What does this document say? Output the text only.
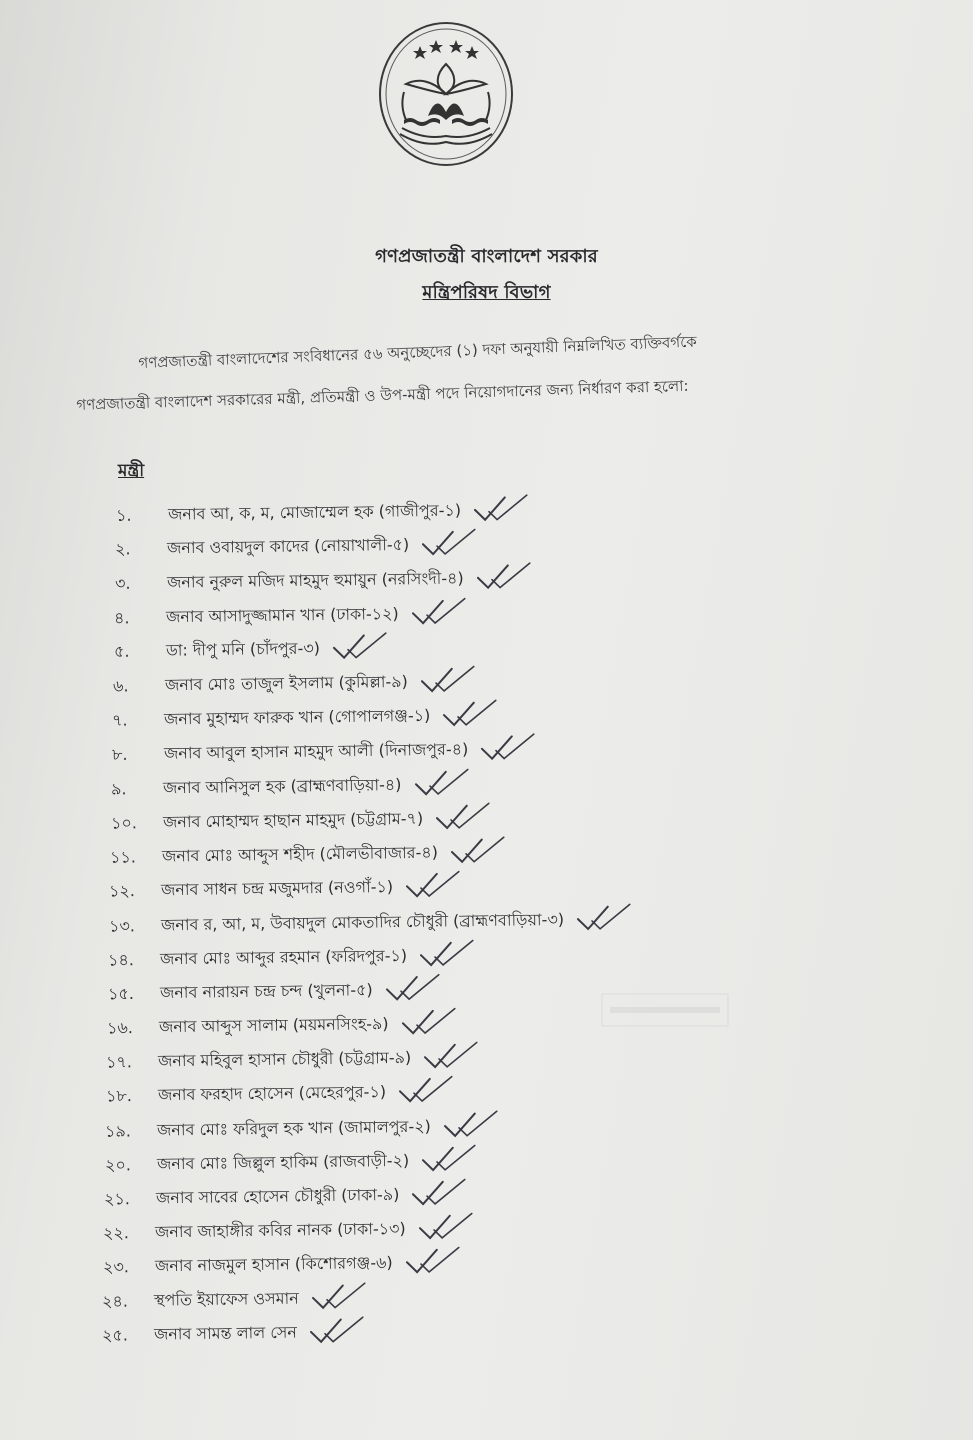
গণপ্রজাতন্ত্রী বাংলাদেশ সরকার
মন্ত্রিপরিষদ বিভাগ
গণপ্রজাতন্ত্রী বাংলাদেশের সংবিধানের ৫৬ অনুচ্ছেদের (১) দফা অনুযায়ী নিম্নলিখিত ব্যক্তিবর্গকে
গণপ্রজাতন্ত্রী বাংলাদেশ সরকারের মন্ত্রী, প্রতিমন্ত্রী ও উপ-মন্ত্রী পদে নিয়োগদানের জন্য নির্ধারণ করা হলো:
মন্ত্রী
১. জনাব আ, ক, ম, মোজাম্মেল হক (গাজীপুর-১)
২. জনাব ওবায়দুল কাদের (নোয়াখালী-৫)
৩. জনাব নুরুল মজিদ মাহমুদ হুমায়ুন (নরসিংদী-৪)
৪. জনাব আসাদুজ্জামান খান (ঢাকা-১২)
৫. ডা: দীপু মনি (চাঁদপুর-৩)
৬. জনাব মোঃ তাজুল ইসলাম (কুমিল্লা-৯)
৭. জনাব মুহাম্মদ ফারুক খান (গোপালগঞ্জ-১)
৮. জনাব আবুল হাসান মাহমুদ আলী (দিনাজপুর-৪)
৯. জনাব আনিসুল হক (ব্রাহ্মণবাড়িয়া-৪)
১০. জনাব মোহাম্মদ হাছান মাহমুদ (চট্টগ্রাম-৭)
১১. জনাব মোঃ আব্দুস শহীদ (মৌলভীবাজার-৪)
১২. জনাব সাধন চন্দ্র মজুমদার (নওগাঁ-১)
১৩. জনাব র, আ, ম, উবায়দুল মোকতাদির চৌধুরী (ব্রাহ্মণবাড়িয়া-৩)
১৪. জনাব মোঃ আব্দুর রহমান (ফরিদপুর-১)
১৫. জনাব নারায়ন চন্দ্র চন্দ (খুলনা-৫)
১৬. জনাব আব্দুস সালাম (ময়মনসিংহ-৯)
১৭. জনাব মহিবুল হাসান চৌধুরী (চট্টগ্রাম-৯)
১৮. জনাব ফরহাদ হোসেন (মেহেরপুর-১)
১৯. জনাব মোঃ ফরিদুল হক খান (জামালপুর-২)
২০. জনাব মোঃ জিল্লুল হাকিম (রাজবাড়ী-২)
২১. জনাব সাবের হোসেন চৌধুরী (ঢাকা-৯)
২২. জনাব জাহাঙ্গীর কবির নানক (ঢাকা-১৩)
২৩. জনাব নাজমুল হাসান (কিশোরগঞ্জ-৬)
২৪. স্থপতি ইয়াফেস ওসমান
২৫. জনাব সামন্ত লাল সেন
